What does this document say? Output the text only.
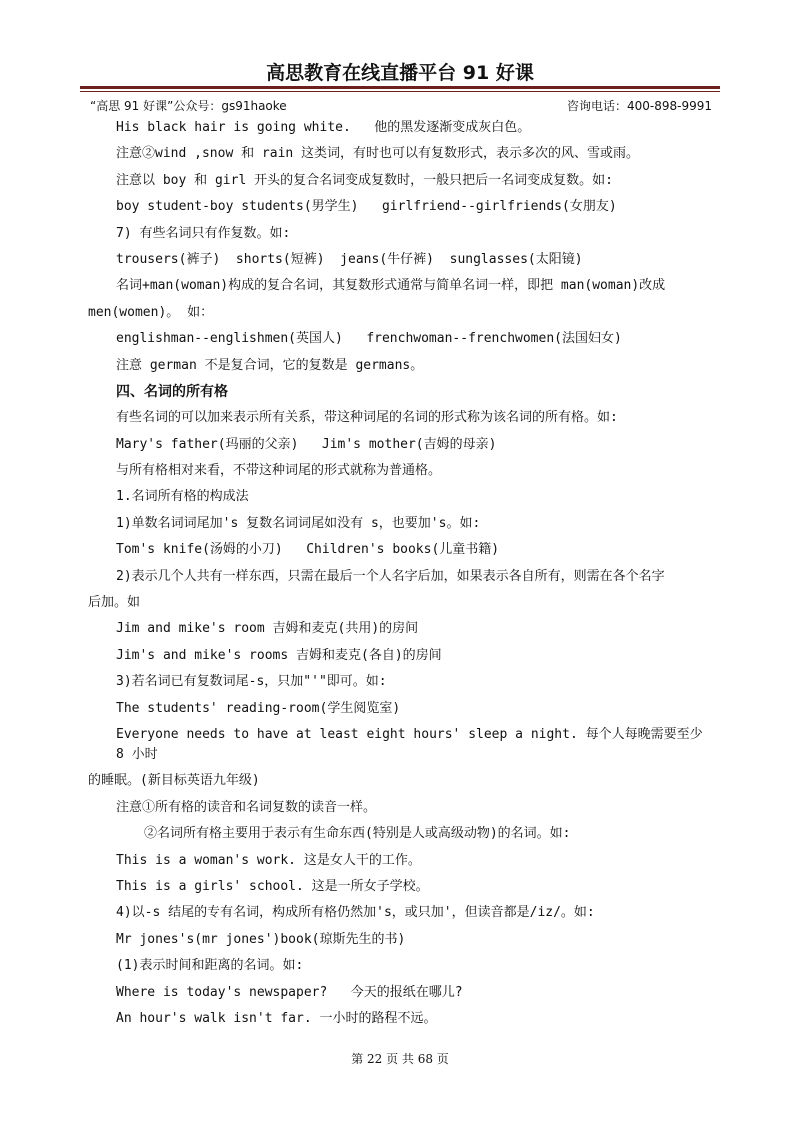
高思教育在线直播平台 91 好课
“高思 91 好课”公众号：gs91haoke	咨询电话：400-898-9991
His black hair is going white.   他的黑发逐渐变成灰白色。
注意②wind ,snow 和 rain 这类词，有时也可以有复数形式，表示多次的风、雪或雨。
注意以 boy 和 girl 开头的复合名词变成复数时，一般只把后一名词变成复数。如:
boy student-boy students(男学生)   girlfriend--girlfriends(女朋友)
7) 有些名词只有作复数。如:
trousers(裤子)  shorts(短裤)  jeans(牛仔裤)  sunglasses(太阳镜)
名词+man(woman)构成的复合名词，其复数形式通常与简单名词一样，即把 man(woman)改成
men(women)。 如：
englishman--englishmen(英国人)   frenchwoman--frenchwomen(法国妇女)
注意 german 不是复合词，它的复数是 germans。
四、名词的所有格
有些名词的可以加来表示所有关系，带这种词尾的名词的形式称为该名词的所有格。如:
Mary's father(玛丽的父亲)   Jim's mother(吉姆的母亲)
与所有格相对来看，不带这种词尾的形式就称为普通格。
1.名词所有格的构成法
1)单数名词词尾加's 复数名词词尾如没有 s，也要加's。如:
Tom's knife(汤姆的小刀)   Children's books(儿童书籍)
2)表示几个人共有一样东西，只需在最后一个人名字后加，如果表示各自所有，则需在各个名字
后加。如
Jim and mike's room 吉姆和麦克(共用)的房间
Jim's and mike's rooms 吉姆和麦克(各自)的房间
3)若名词已有复数词尾-s，只加"'"即可。如:
The students' reading-room(学生阅览室)
Everyone needs to have at least eight hours' sleep a night. 每个人每晚需要至少 8 小时
的睡眠。(新目标英语九年级)
注意①所有格的读音和名词复数的读音一样。
②名词所有格主要用于表示有生命东西(特别是人或高级动物)的名词。如:
This is a woman's work. 这是女人干的工作。
This is a girls' school. 这是一所女子学校。
4)以-s 结尾的专有名词，构成所有格仍然加's，或只加'，但读音都是/iz/。如:
Mr jones's(mr jones')book(琼斯先生的书)
(1)表示时间和距离的名词。如:
Where is today's newspaper?   今天的报纸在哪儿?
An hour's walk isn't far. 一小时的路程不远。
第 22 页 共 68 页
